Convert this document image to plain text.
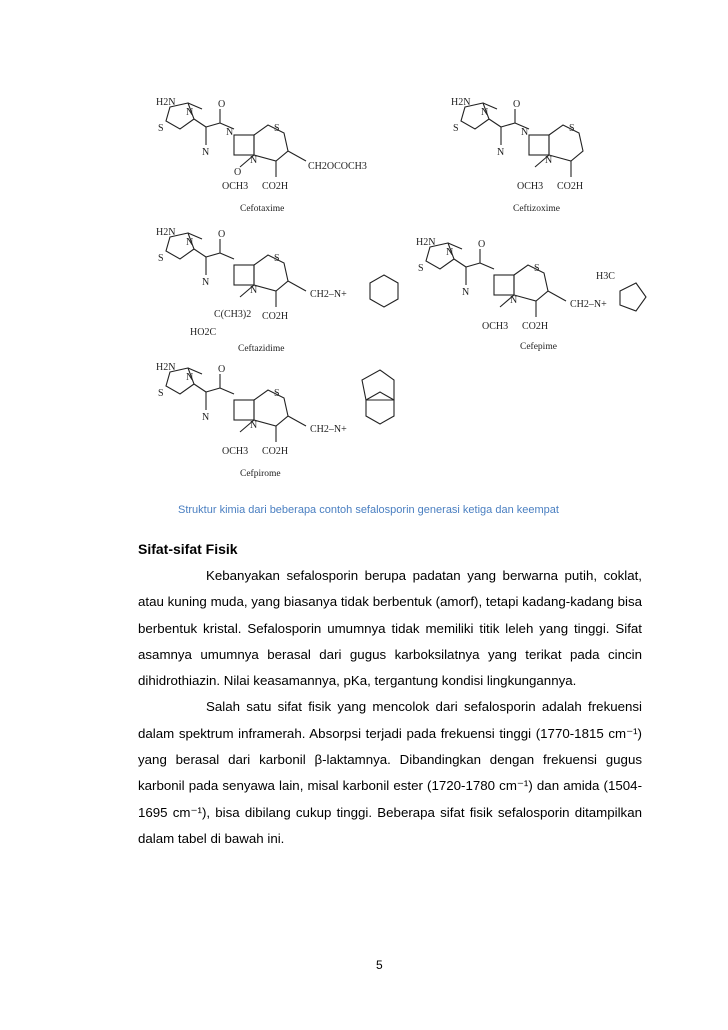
H2N
N
S
O
N
N
S
N
O
OCH3 CO2H
CH2OCOCH3
Cefotaxime
H2N
N
S
O
N
N
S
N
OCH3 CO2H
Ceftizoxime
H2N
N
S
O
N
S
N
C(CH3)2
HO2C
CO2H
CH2–N+
Ceftazidime
H2N
N
S
O
N
S
N
OCH3 CO2H
H3C
CH2–N+
Cefepime
H2N
N
S
O
N
S
N
OCH3 CO2H
CH2–N+
Cefpirome
Struktur kimia dari beberapa contoh sefalosporin generasi ketiga dan keempat
Sifat-sifat Fisik

Kebanyakan sefalosporin berupa padatan yang berwarna putih, coklat, atau kuning muda, yang biasanya tidak berbentuk (amorf), tetapi kadang-kadang bisa berbentuk kristal. Sefalosporin umumnya tidak memiliki titik leleh yang tinggi. Sifat asamnya umumnya berasal dari gugus karboksilatnya yang terikat pada cincin dihidrothiazin. Nilai keasamannya, pKa, tergantung kondisi lingkungannya.

Salah satu sifat fisik yang mencolok dari sefalosporin adalah frekuensi dalam spektrum inframerah. Absorpsi terjadi pada frekuensi tinggi (1770-1815 cm⁻¹) yang berasal dari karbonil β-laktamnya. Dibandingkan dengan frekuensi gugus karbonil pada senyawa lain, misal karbonil ester (1720-1780 cm⁻¹) dan amida (1504-1695 cm⁻¹), bisa dibilang cukup tinggi. Beberapa sifat fisik sefalosporin ditampilkan dalam tabel di bawah ini.

5
